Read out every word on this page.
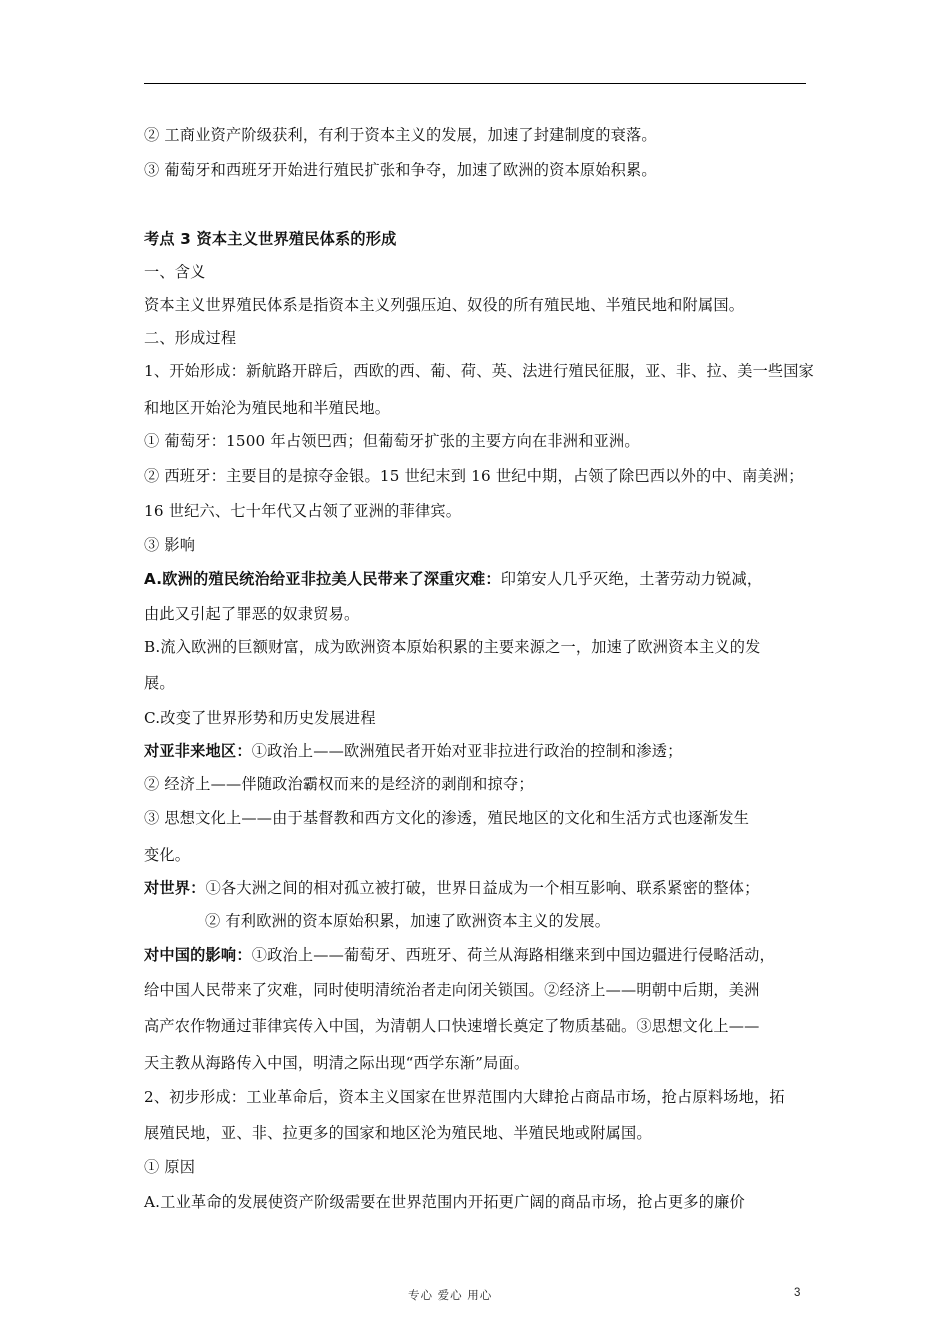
② 工商业资产阶级获利，有利于资本主义的发展，加速了封建制度的衰落。
③ 葡萄牙和西班牙开始进行殖民扩张和争夺，加速了欧洲的资本原始积累。
考点 3 资本主义世界殖民体系的形成
一、含义
资本主义世界殖民体系是指资本主义列强压迫、奴役的所有殖民地、半殖民地和附属国。
二、形成过程
1、开始形成：新航路开辟后，西欧的西、葡、荷、英、法进行殖民征服，亚、非、拉、美一些国家
和地区开始沦为殖民地和半殖民地。
① 葡萄牙：1500 年占领巴西；但葡萄牙扩张的主要方向在非洲和亚洲。
② 西班牙：主要目的是掠夺金银。15 世纪末到 16 世纪中期，占领了除巴西以外的中、南美洲；
16 世纪六、七十年代又占领了亚洲的菲律宾。
③ 影响
A.欧洲的殖民统治给亚非拉美人民带来了深重灾难：印第安人几乎灭绝，土著劳动力锐减，
由此又引起了罪恶的奴隶贸易。
B.流入欧洲的巨额财富，成为欧洲资本原始积累的主要来源之一，加速了欧洲资本主义的发
展。
C.改变了世界形势和历史发展进程
对亚非来地区：①政治上——欧洲殖民者开始对亚非拉进行政治的控制和渗透；
② 经济上——伴随政治霸权而来的是经济的剥削和掠夺；
③ 思想文化上——由于基督教和西方文化的渗透，殖民地区的文化和生活方式也逐渐发生
变化。
对世界：①各大洲之间的相对孤立被打破，世界日益成为一个相互影响、联系紧密的整体；
② 有利欧洲的资本原始积累，加速了欧洲资本主义的发展。
对中国的影响：①政治上——葡萄牙、西班牙、荷兰从海路相继来到中国边疆进行侵略活动，
给中国人民带来了灾难，同时使明清统治者走向闭关锁国。②经济上——明朝中后期，美洲
高产农作物通过菲律宾传入中国，为清朝人口快速增长奠定了物质基础。③思想文化上——
天主教从海路传入中国，明清之际出现“西学东渐”局面。
2、初步形成：工业革命后，资本主义国家在世界范围内大肆抢占商品市场，抢占原料场地，拓
展殖民地，亚、非、拉更多的国家和地区沦为殖民地、半殖民地或附属国。
① 原因
A.工业革命的发展使资产阶级需要在世界范围内开拓更广阔的商品市场，抢占更多的廉价
专心 爱心 用心	3
